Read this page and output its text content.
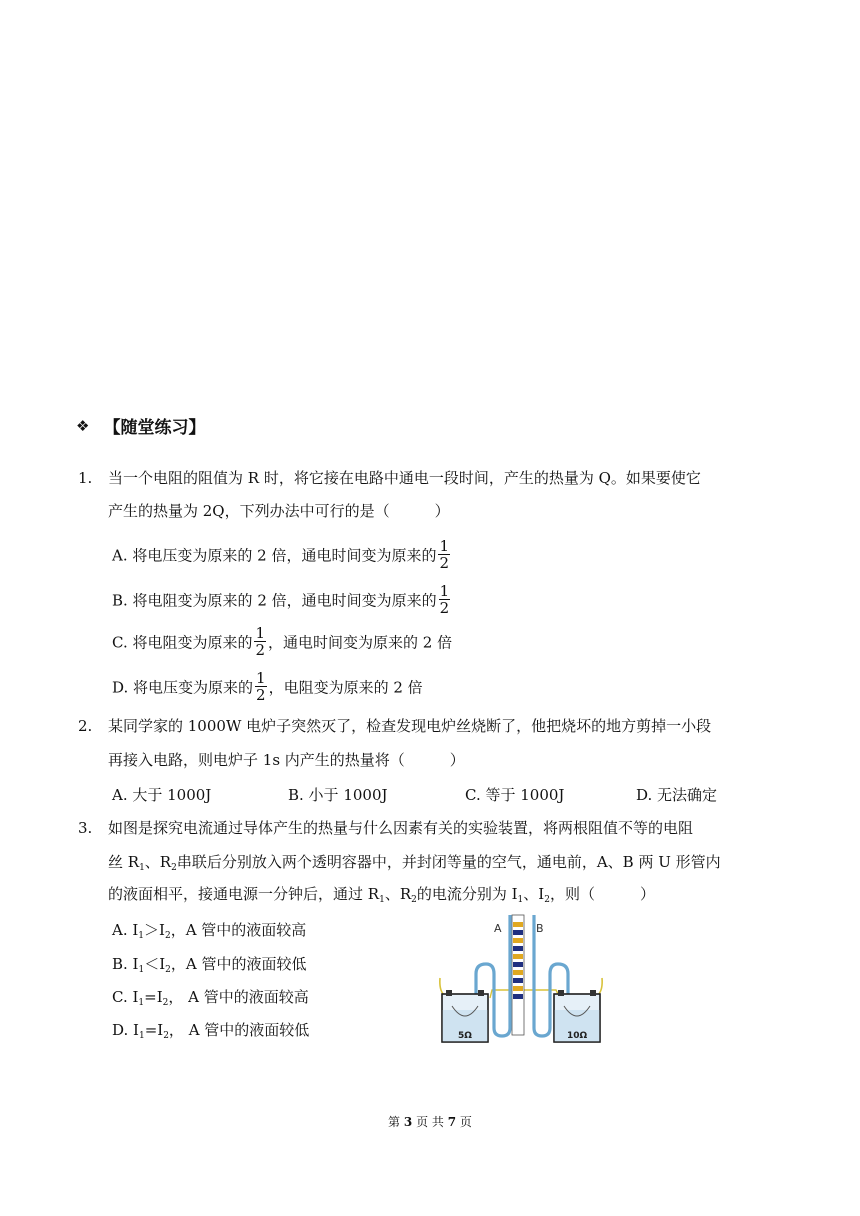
❖ 【随堂练习】
1. 当一个电阻的阻值为 R 时，将它接在电路中通电一段时间，产生的热量为 Q。如果要使它
产生的热量为 2Q，下列办法中可行的是（　　　）
A. 将电压变为原来的 2 倍，通电时间变为原来的 $\frac{1}{2}$
B. 将电阻变为原来的 2 倍，通电时间变为原来的 $\frac{1}{2}$
C. 将电阻变为原来的 $\frac{1}{2}$ ，通电时间变为原来的 2 倍
D. 将电压变为原来的 $\frac{1}{2}$ ，电阻变为原来的 2 倍
2. 某同学家的 1000W 电炉子突然灭了，检查发现电炉丝烧断了，他把烧坏的地方剪掉一小段
再接入电路，则电炉子 1s 内产生的热量将（　　　）
A. 大于 1000J	B. 小于 1000J	C. 等于 1000J	D. 无法确定
3. 如图是探究电流通过导体产生的热量与什么因素有关的实验装置，将两根阻值不等的电阻
丝 $R_1$、$R_2$串联后分别放入两个透明容器中，并封闭等量的空气，通电前，A、B 两 U 形管内
的液面相平，接通电源一分钟后，通过 $R_1$、$R_2$的电流分别为 $I_1$、$I_2$，则（　　　）
A. $I_1>I_2$，A 管中的液面较高
B. $I_1<I_2$，A 管中的液面较低
C. $I_1=I_2$， A 管中的液面较高
D. $I_1=I_2$， A 管中的液面较低
A	B
5Ω	10Ω
第 3 页 共 7 页
